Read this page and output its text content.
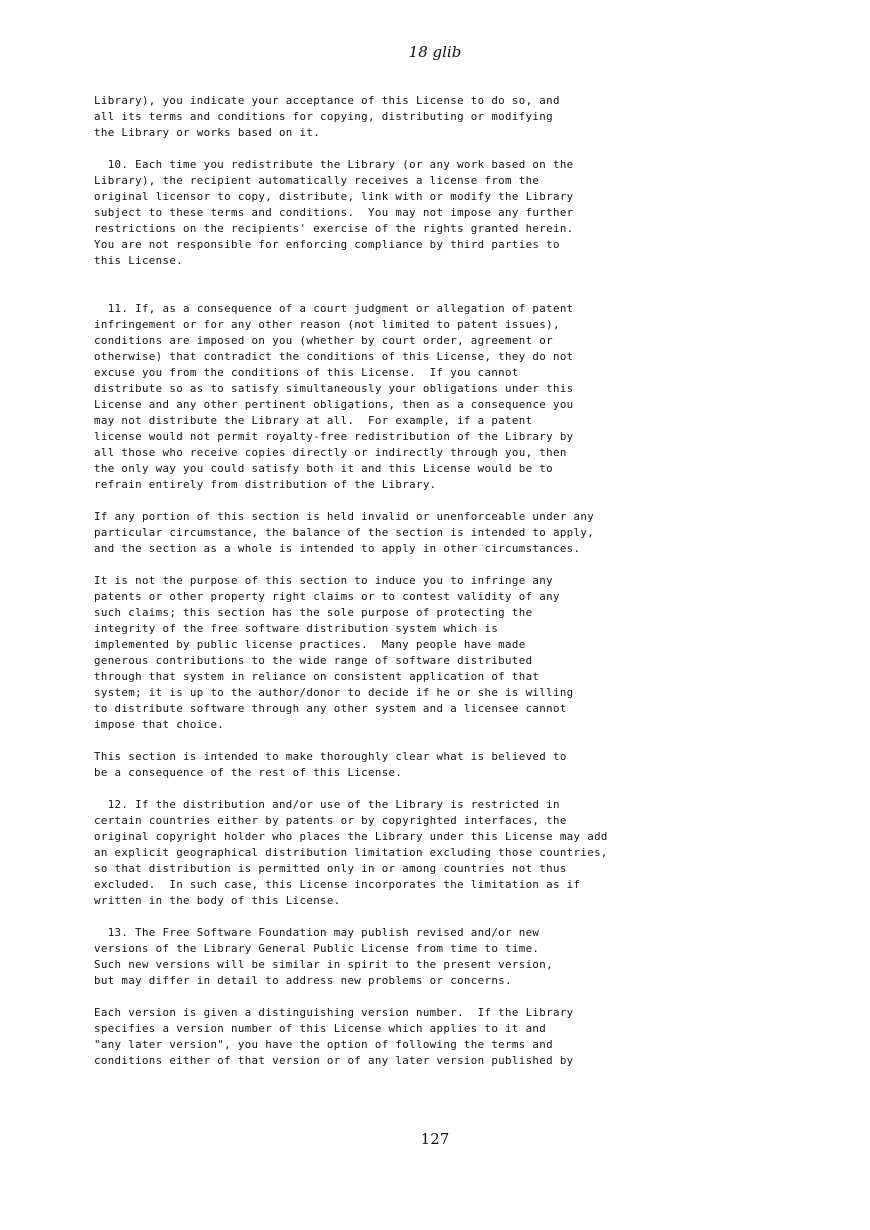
18 glib

Library), you indicate your acceptance of this License to do so, and
all its terms and conditions for copying, distributing or modifying
the Library or works based on it.

10. Each time you redistribute the Library (or any work based on the
Library), the recipient automatically receives a license from the
original licensor to copy, distribute, link with or modify the Library
subject to these terms and conditions.  You may not impose any further
restrictions on the recipients' exercise of the rights granted herein.
You are not responsible for enforcing compliance by third parties to
this License.

11. If, as a consequence of a court judgment or allegation of patent
infringement or for any other reason (not limited to patent issues),
conditions are imposed on you (whether by court order, agreement or
otherwise) that contradict the conditions of this License, they do not
excuse you from the conditions of this License.  If you cannot
distribute so as to satisfy simultaneously your obligations under this
License and any other pertinent obligations, then as a consequence you
may not distribute the Library at all.  For example, if a patent
license would not permit royalty-free redistribution of the Library by
all those who receive copies directly or indirectly through you, then
the only way you could satisfy both it and this License would be to
refrain entirely from distribution of the Library.

If any portion of this section is held invalid or unenforceable under any
particular circumstance, the balance of the section is intended to apply,
and the section as a whole is intended to apply in other circumstances.

It is not the purpose of this section to induce you to infringe any
patents or other property right claims or to contest validity of any
such claims; this section has the sole purpose of protecting the
integrity of the free software distribution system which is
implemented by public license practices.  Many people have made
generous contributions to the wide range of software distributed
through that system in reliance on consistent application of that
system; it is up to the author/donor to decide if he or she is willing
to distribute software through any other system and a licensee cannot
impose that choice.

This section is intended to make thoroughly clear what is believed to
be a consequence of the rest of this License.

12. If the distribution and/or use of the Library is restricted in
certain countries either by patents or by copyrighted interfaces, the
original copyright holder who places the Library under this License may add
an explicit geographical distribution limitation excluding those countries,
so that distribution is permitted only in or among countries not thus
excluded.  In such case, this License incorporates the limitation as if
written in the body of this License.

13. The Free Software Foundation may publish revised and/or new
versions of the Library General Public License from time to time.
Such new versions will be similar in spirit to the present version,
but may differ in detail to address new problems or concerns.

Each version is given a distinguishing version number.  If the Library
specifies a version number of this License which applies to it and
"any later version", you have the option of following the terms and
conditions either of that version or of any later version published by

127
